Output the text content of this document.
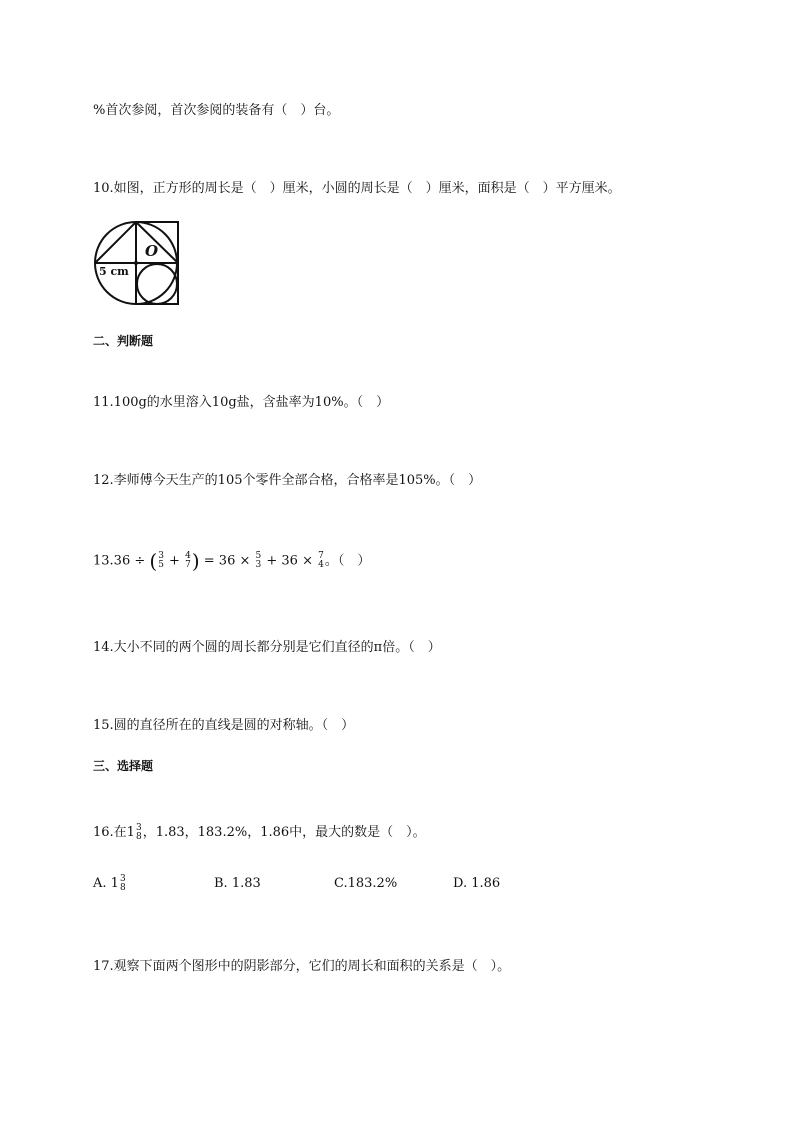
%首次参阅，首次参阅的装备有（　）台。
10.如图，正方形的周长是（　）厘米，小圆的周长是（　）厘米，面积是（　）平方厘米。
O
5 cm
二、判断题
11.100g的水里溶入10g盐，含盐率为10%。（　）
12.李师傅今天生产的105个零件全部合格，合格率是105%。（　）
13.36 ÷ ( 3
5 + 4
7 ) = 36 × 5
3 + 36 × 7
4 。（　）
14.大小不同的两个圆的周长都分别是它们直径的π倍。（　）
15.圆的直径所在的直线是圆的对称轴。（　）
三、选择题
16.在1 3
8 ，1.83，183.2%，1.86中，最大的数是（　）。
A. 1 3
8	B. 1.83	C.183.2%	D. 1.86
17.观察下面两个图形中的阴影部分，它们的周长和面积的关系是（　）。
